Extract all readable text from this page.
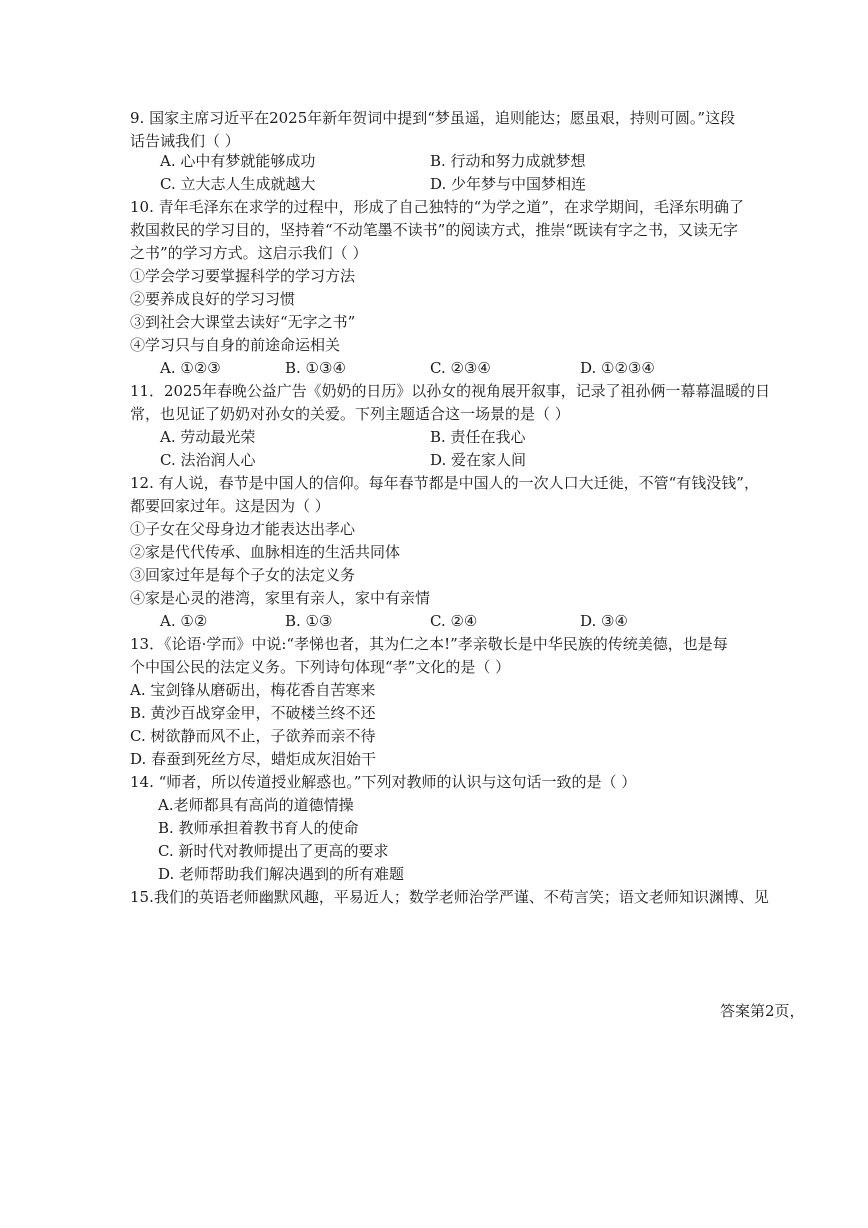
9. 国家主席习近平在2025年新年贺词中提到“梦虽遥，追则能达；愿虽艰，持则可圆。”这段
话告诫我们（ ）
A. 心中有梦就能够成功	B. 行动和努力成就梦想
C. 立大志人生成就越大	D. 少年梦与中国梦相连
10. 青年毛泽东在求学的过程中，形成了自己独特的“为学之道”，在求学期间，毛泽东明确了
救国救民的学习目的，坚持着“不动笔墨不读书”的阅读方式，推崇“既读有字之书，又读无字
之书”的学习方式。这启示我们（ ）
①学会学习要掌握科学的学习方法
②要养成良好的学习习惯
③到社会大课堂去读好“无字之书”
④学习只与自身的前途命运相关
A. ①②③	B. ①③④	C. ②③④	D. ①②③④
11．2025年春晚公益广告《奶奶的日历》以孙女的视角展开叙事，记录了祖孙俩一幕幕温暖的日
常，也见证了奶奶对孙女的关爱。下列主题适合这一场景的是（ ）
A. 劳动最光荣	B. 责任在我心
C. 法治润人心	D. 爱在家人间
12. 有人说，春节是中国人的信仰。每年春节都是中国人的一次人口大迁徙，不管“有钱没钱”，
都要回家过年。这是因为（ ）
①子女在父母身边才能表达出孝心
②家是代代传承、血脉相连的生活共同体
③回家过年是每个子女的法定义务
④家是心灵的港湾，家里有亲人，家中有亲情
A. ①②	B. ①③	C. ②④	D. ③④
13．《论语·学而》中说:“孝悌也者，其为仁之本!”孝亲敬长是中华民族的传统美德，也是每
个中国公民的法定义务。下列诗句体现“孝”文化的是（ ）
A. 宝剑锋从磨砺出，梅花香自苦寒来
B. 黄沙百战穿金甲，不破楼兰终不还
C. 树欲静而风不止，子欲养而亲不待
D. 春蚕到死丝方尽，蜡炬成灰泪始干
14. “师者，所以传道授业解惑也。”下列对教师的认识与这句话一致的是（ ）
A.老师都具有高尚的道德情操
B. 教师承担着教书育人的使命
C. 新时代对教师提出了更高的要求
D. 老师帮助我们解决遇到的所有难题
15.我们的英语老师幽默风趣，平易近人；数学老师治学严谨、不苟言笑；语文老师知识渊博、见
答案第2页，
